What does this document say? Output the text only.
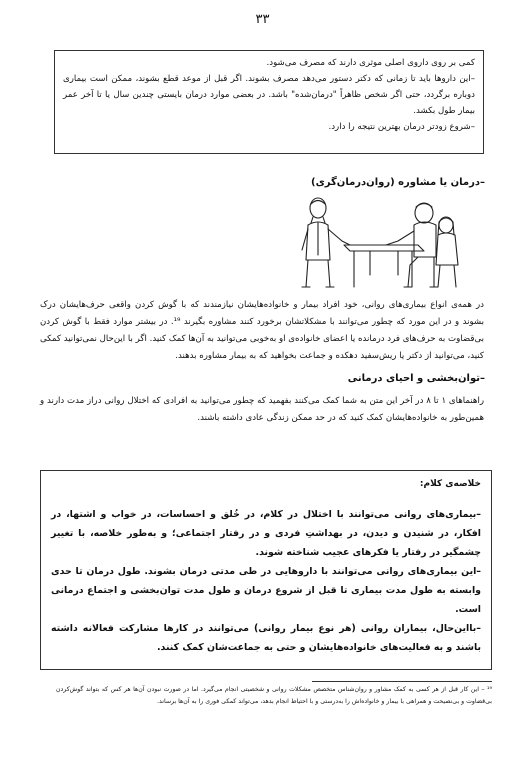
۳۳

کمی بر روی داروی اصلی موثری دارند که مصرف می‌شود.

–این داروها باید تا زمانی که دکتر دستور می‌دهد مصرف بشوند. اگر قبل از موعد قطع بشوند، ممکن است بیماری دوباره برگردد، حتی اگر شخص ظاهراً "درمان‌شده" باشد. در بعضی موارد درمان بایستی چندین سال یا تا آخر عمر بیمار طول بکشد.

–شروع زودتر درمان بهترین نتیجه را دارد.

–درمان یا مشاوره (روان‌درمان‌گری)
در همه‌ی انواع بیماری‌های روانی، خود افراد بیمار و خانواده‌هایشان نیازمندند که با گوش کردن واقعی حرف‌هایشان درک بشوند و در این مورد که چطور می‌توانند با مشکلاتشان برخورد کنند مشاوره بگیرند ¹⁹. در بیشتر موارد فقط با گوش کردن بی‌قضاوت به حرف‌های فرد درمانده یا اعضای خانواده‌ی او به‌خوبی می‌توانید به آن‌ها کمک کنید. اگر با این‌حال نمی‌توانید کمکی کنید، می‌توانید از دکتر یا ریش‌سفید دهکده و جماعت بخواهید که به بیمار مشاوره بدهند.
–توان‌بخشی و احیای درمانی
راهنماهای ۱ تا ۸ در آخر این متن به شما کمک می‌کنند بفهمید که چطور می‌توانید به افرادی که اختلال روانی دراز مدت دارند و همین‌طور به خانواده‌هایشان کمک کنید که در حد ممکن زندگی عادی داشته باشند.
خلاصه‌ی کلام:

–بیماری‌های روانی می‌توانند با اختلال در کلام، در خُلق و احساسات، در خواب و اشتها، در افکار، در شنیدن و دیدن، در بهداشتِ فردی و در رفتار اجتماعی؛ و به‌طور خلاصه، با تغییر چشمگیر در رفتار یا فکرهای عجیب شناخته شوند.

–این بیماری‌های روانی می‌توانند با داروهایی در طی مدتی درمان بشوند. طول درمان تا حدی وابسته به طول مدت بیماری تا قبل از شروع درمان و طول مدت توان‌بخشی و اجتماع درمانی است.

–بااین‌حال، بیماران روانی (هر نوع بیمار روانی) می‌توانند در کارها مشارکت فعالانه داشته باشند و به فعالیت‌های خانواده‌هایشان و حتی به جماعت‌شان کمک کنند.

¹⁹ – این کار قبل از هر کسی به کمک مشاور و روان‌شناس متخصص مشکلات روانی و شخصیتی انجام می‌گیرد. اما در صورت نبودن آن‌ها هر کس که بتواند گوش‌کردن بی‌قضاوت و بی‌نصیحت و همراهی با بیمار و خانواده‌اش را به‌درستی و با احتیاط انجام بدهد، می‌تواند کمکی فوری را به آن‌ها برساند.
